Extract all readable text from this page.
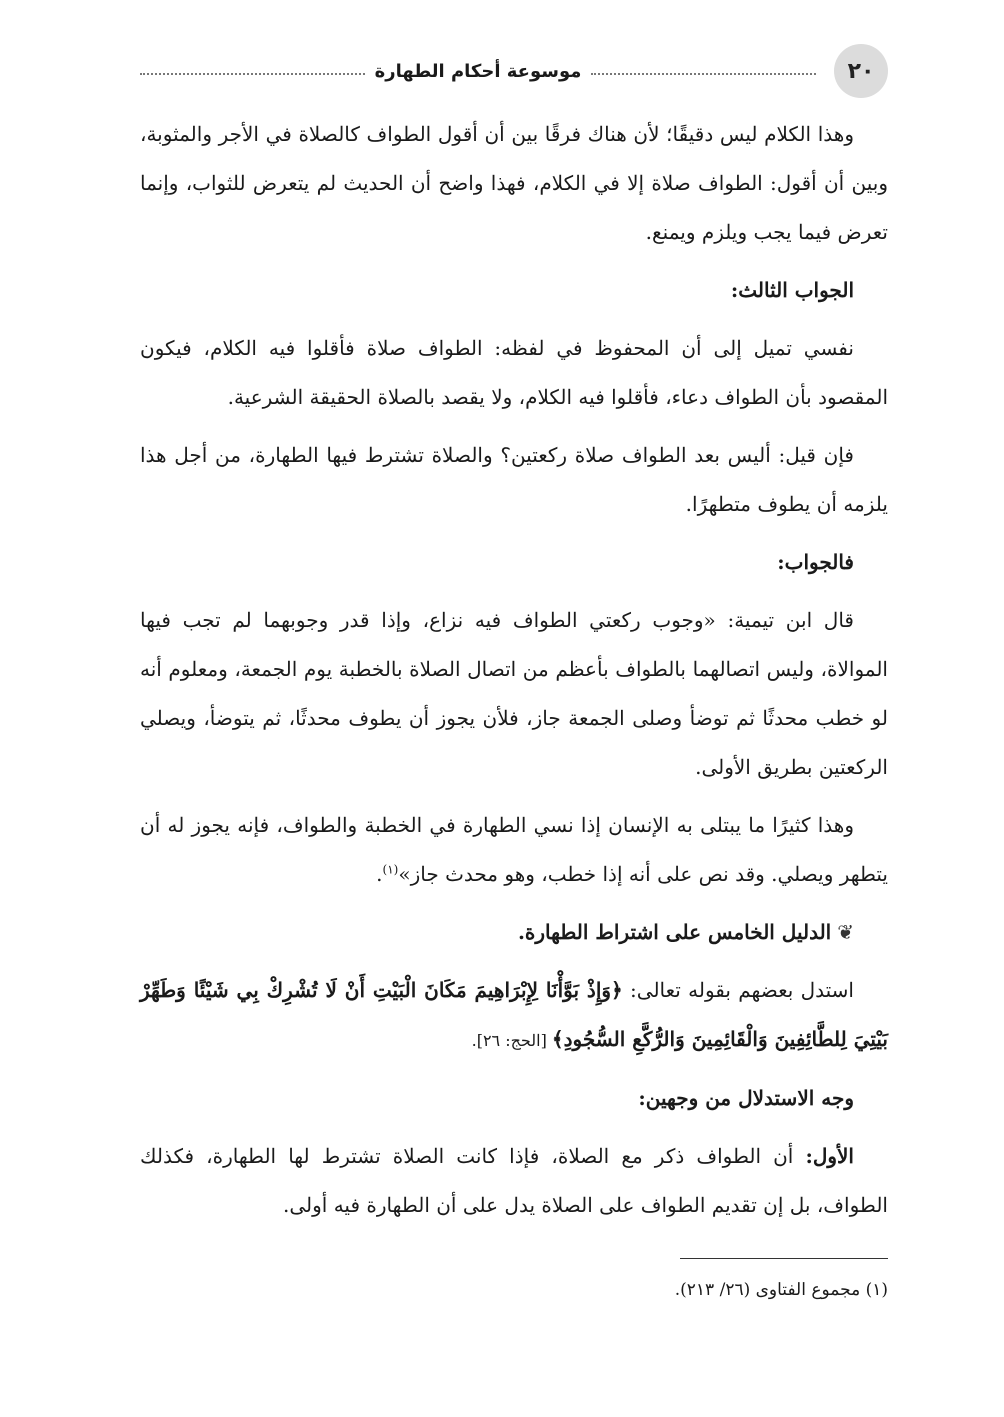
٢٠
موسوعة أحكام الطهارة

وهذا الكلام ليس دقيقًا؛ لأن هناك فرقًا بين أن أقول الطواف كالصلاة في الأجر والمثوبة، وبين أن أقول: الطواف صلاة إلا في الكلام، فهذا واضح أن الحديث لم يتعرض للثواب، وإنما تعرض فيما يجب ويلزم ويمنع.

الجواب الثالث:

نفسي تميل إلى أن المحفوظ في لفظه: الطواف صلاة فأقلوا فيه الكلام، فيكون المقصود بأن الطواف دعاء، فأقلوا فيه الكلام، ولا يقصد بالصلاة الحقيقة الشرعية.

فإن قيل: أليس بعد الطواف صلاة ركعتين؟ والصلاة تشترط فيها الطهارة، من أجل هذا يلزمه أن يطوف متطهرًا.

فالجواب:

قال ابن تيمية: «وجوب ركعتي الطواف فيه نزاع، وإذا قدر وجوبهما لم تجب فيها الموالاة، وليس اتصالهما بالطواف بأعظم من اتصال الصلاة بالخطبة يوم الجمعة، ومعلوم أنه لو خطب محدثًا ثم توضأ وصلى الجمعة جاز، فلأن يجوز أن يطوف محدثًا، ثم يتوضأ، ويصلي الركعتين بطريق الأولى.

وهذا كثيرًا ما يبتلى به الإنسان إذا نسي الطهارة في الخطبة والطواف، فإنه يجوز له أن يتطهر ويصلي. وقد نص على أنه إذا خطب، وهو محدث جاز»$^{(١)}$.

❦الدليل الخامس على اشتراط الطهارة.

استدل بعضهم بقوله تعالى: ﴿وَإِذْ بَوَّأْنَا لِإِبْرَاهِيمَ مَكَانَ الْبَيْتِ أَنْ لَا تُشْرِكْ بِي شَيْئًا وَطَهِّرْ بَيْتِيَ لِلطَّائِفِينَ وَالْقَائِمِينَ وَالرُّكَّعِ السُّجُودِ﴾ [الحج: ٢٦].

وجه الاستدلال من وجهين:

الأول: أن الطواف ذكر مع الصلاة، فإذا كانت الصلاة تشترط لها الطهارة، فكذلك الطواف، بل إن تقديم الطواف على الصلاة يدل على أن الطهارة فيه أولى.

(١) مجموع الفتاوى (٢٦/ ٢١٣).
